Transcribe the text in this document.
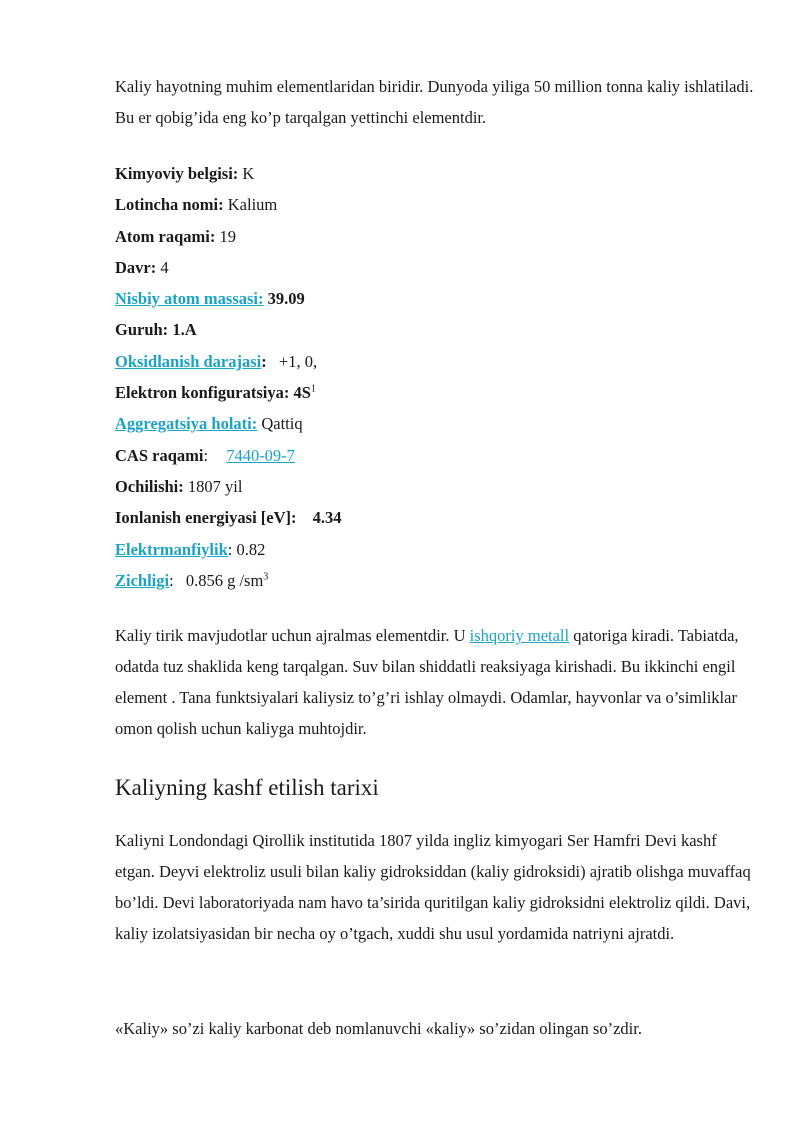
Kaliy hayotning muhim elementlaridan biridir. Dunyoda yiligа 50 million tonna kaliy ishlatiladi. Bu er qobig’ida eng ko’p tarqalgan yettinchi elementdir.

Kimyoviy belgisi: K
Lotincha nomi: Kalium
Atom raqami: 19
Davr: 4
Nisbiy atom massasi: 39.09
Guruh: 1.A
Oksidlanish darajasi: +1, 0,
Elektron konfiguratsiya: $4S^1$
Aggregatsiya holati: Qattiq
CAS raqami: 7440-09-7
Ochilishi: 1807 yil
Ionlanish energiyasi [eV]: 4.34
Elektrmanfiylik: 0.82
Zichligi: 0.856 g $/sm^3$

Kaliy tirik mavjudotlar uchun ajralmas elementdir. U ishqoriy metall qatoriga kiradi. Tabiatda, odatda tuz shaklida keng tarqalgan. Suv bilan shiddatli reaksiyaga kirishadi. Bu ikkinchi engil element . Tana funktsiyalari kaliysiz to’g’ri ishlay olmaydi. Odamlar, hayvonlar va o’simliklar omon qolish uchun kaliyga muhtojdir.

Kaliyning kashf etilish tarixi

Kaliyni Londondagi Qirollik institutida 1807 yilda ingliz kimyogari Ser Hamfri Devi kashf etgan. Deyvi elektroliz usuli bilan kaliy gidroksiddan (kaliy gidroksidi) ajratib olishga muvaffaq bo’ldi. Devi laboratoriyada nam havo ta’sirida quritilgan kaliy gidroksidni elektroliz qildi. Davi, kaliy izolatsiyasidan bir necha oy o’tgach, xuddi shu usul yordamida natriyni ajratdi.

«Kaliy» so’zi kaliy karbonat deb nomlanuvchi «kaliy» so’zidan olingan so’zdir.
